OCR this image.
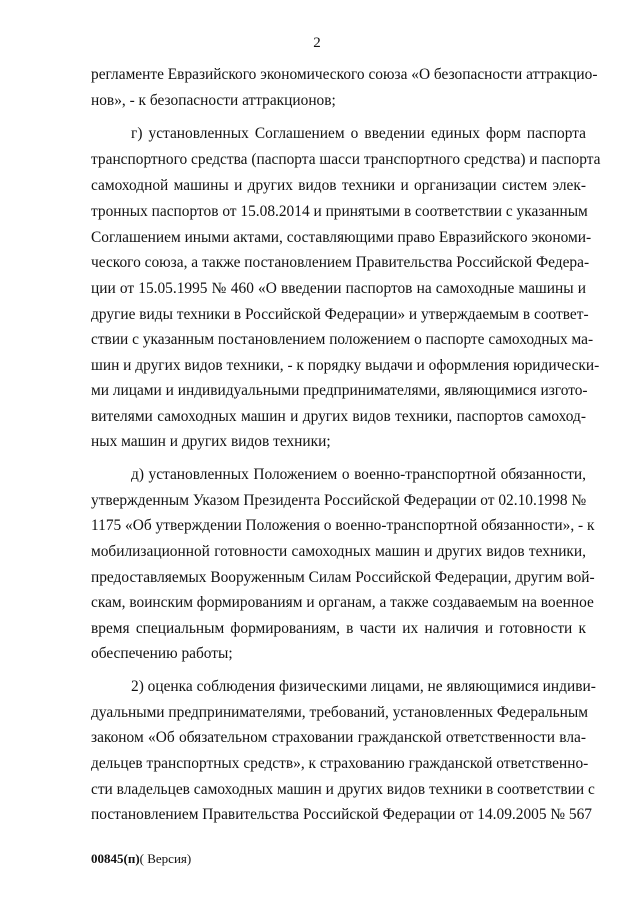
2
регламенте Евразийского экономического союза «О безопасности аттракцио-
нов», - к безопасности аттракционов;
г) установленных Соглашением о введении единых форм паспорта
транспортного средства (паспорта шасси транспортного средства) и паспорта
самоходной машины и других видов техники и организации систем элек-
тронных паспортов от 15.08.2014 и принятыми в соответствии с указанным
Соглашением иными актами, составляющими право Евразийского экономи-
ческого союза, а также постановлением Правительства Российской Федера-
ции от 15.05.1995 № 460 «О введении паспортов на самоходные машины и
другие виды техники в Российской Федерации» и утверждаемым в соответ-
ствии с указанным постановлением положением о паспорте самоходных ма-
шин и других видов техники, - к порядку выдачи и оформления юридически-
ми лицами и индивидуальными предпринимателями, являющимися изгото-
вителями самоходных машин и других видов техники, паспортов самоход-
ных машин и других видов техники;
д) установленных Положением о военно-транспортной обязанности,
утвержденным Указом Президента Российской Федерации от 02.10.1998 №
1175 «Об утверждении Положения о военно-транспортной обязанности», - к
мобилизационной готовности самоходных машин и других видов техники,
предоставляемых Вооруженным Силам Российской Федерации, другим вой-
скам, воинским формированиям и органам, а также создаваемым на военное
время специальным формированиям, в части их наличия и готовности к
обеспечению работы;
2) оценка соблюдения физическими лицами, не являющимися индиви-
дуальными предпринимателями, требований, установленных Федеральным
законом «Об обязательном страховании гражданской ответственности вла-
дельцев транспортных средств», к страхованию гражданской ответственно-
сти владельцев самоходных машин и других видов техники в соответствии с
постановлением Правительства Российской Федерации от 14.09.2005 № 567
00845(п)( Версия)
